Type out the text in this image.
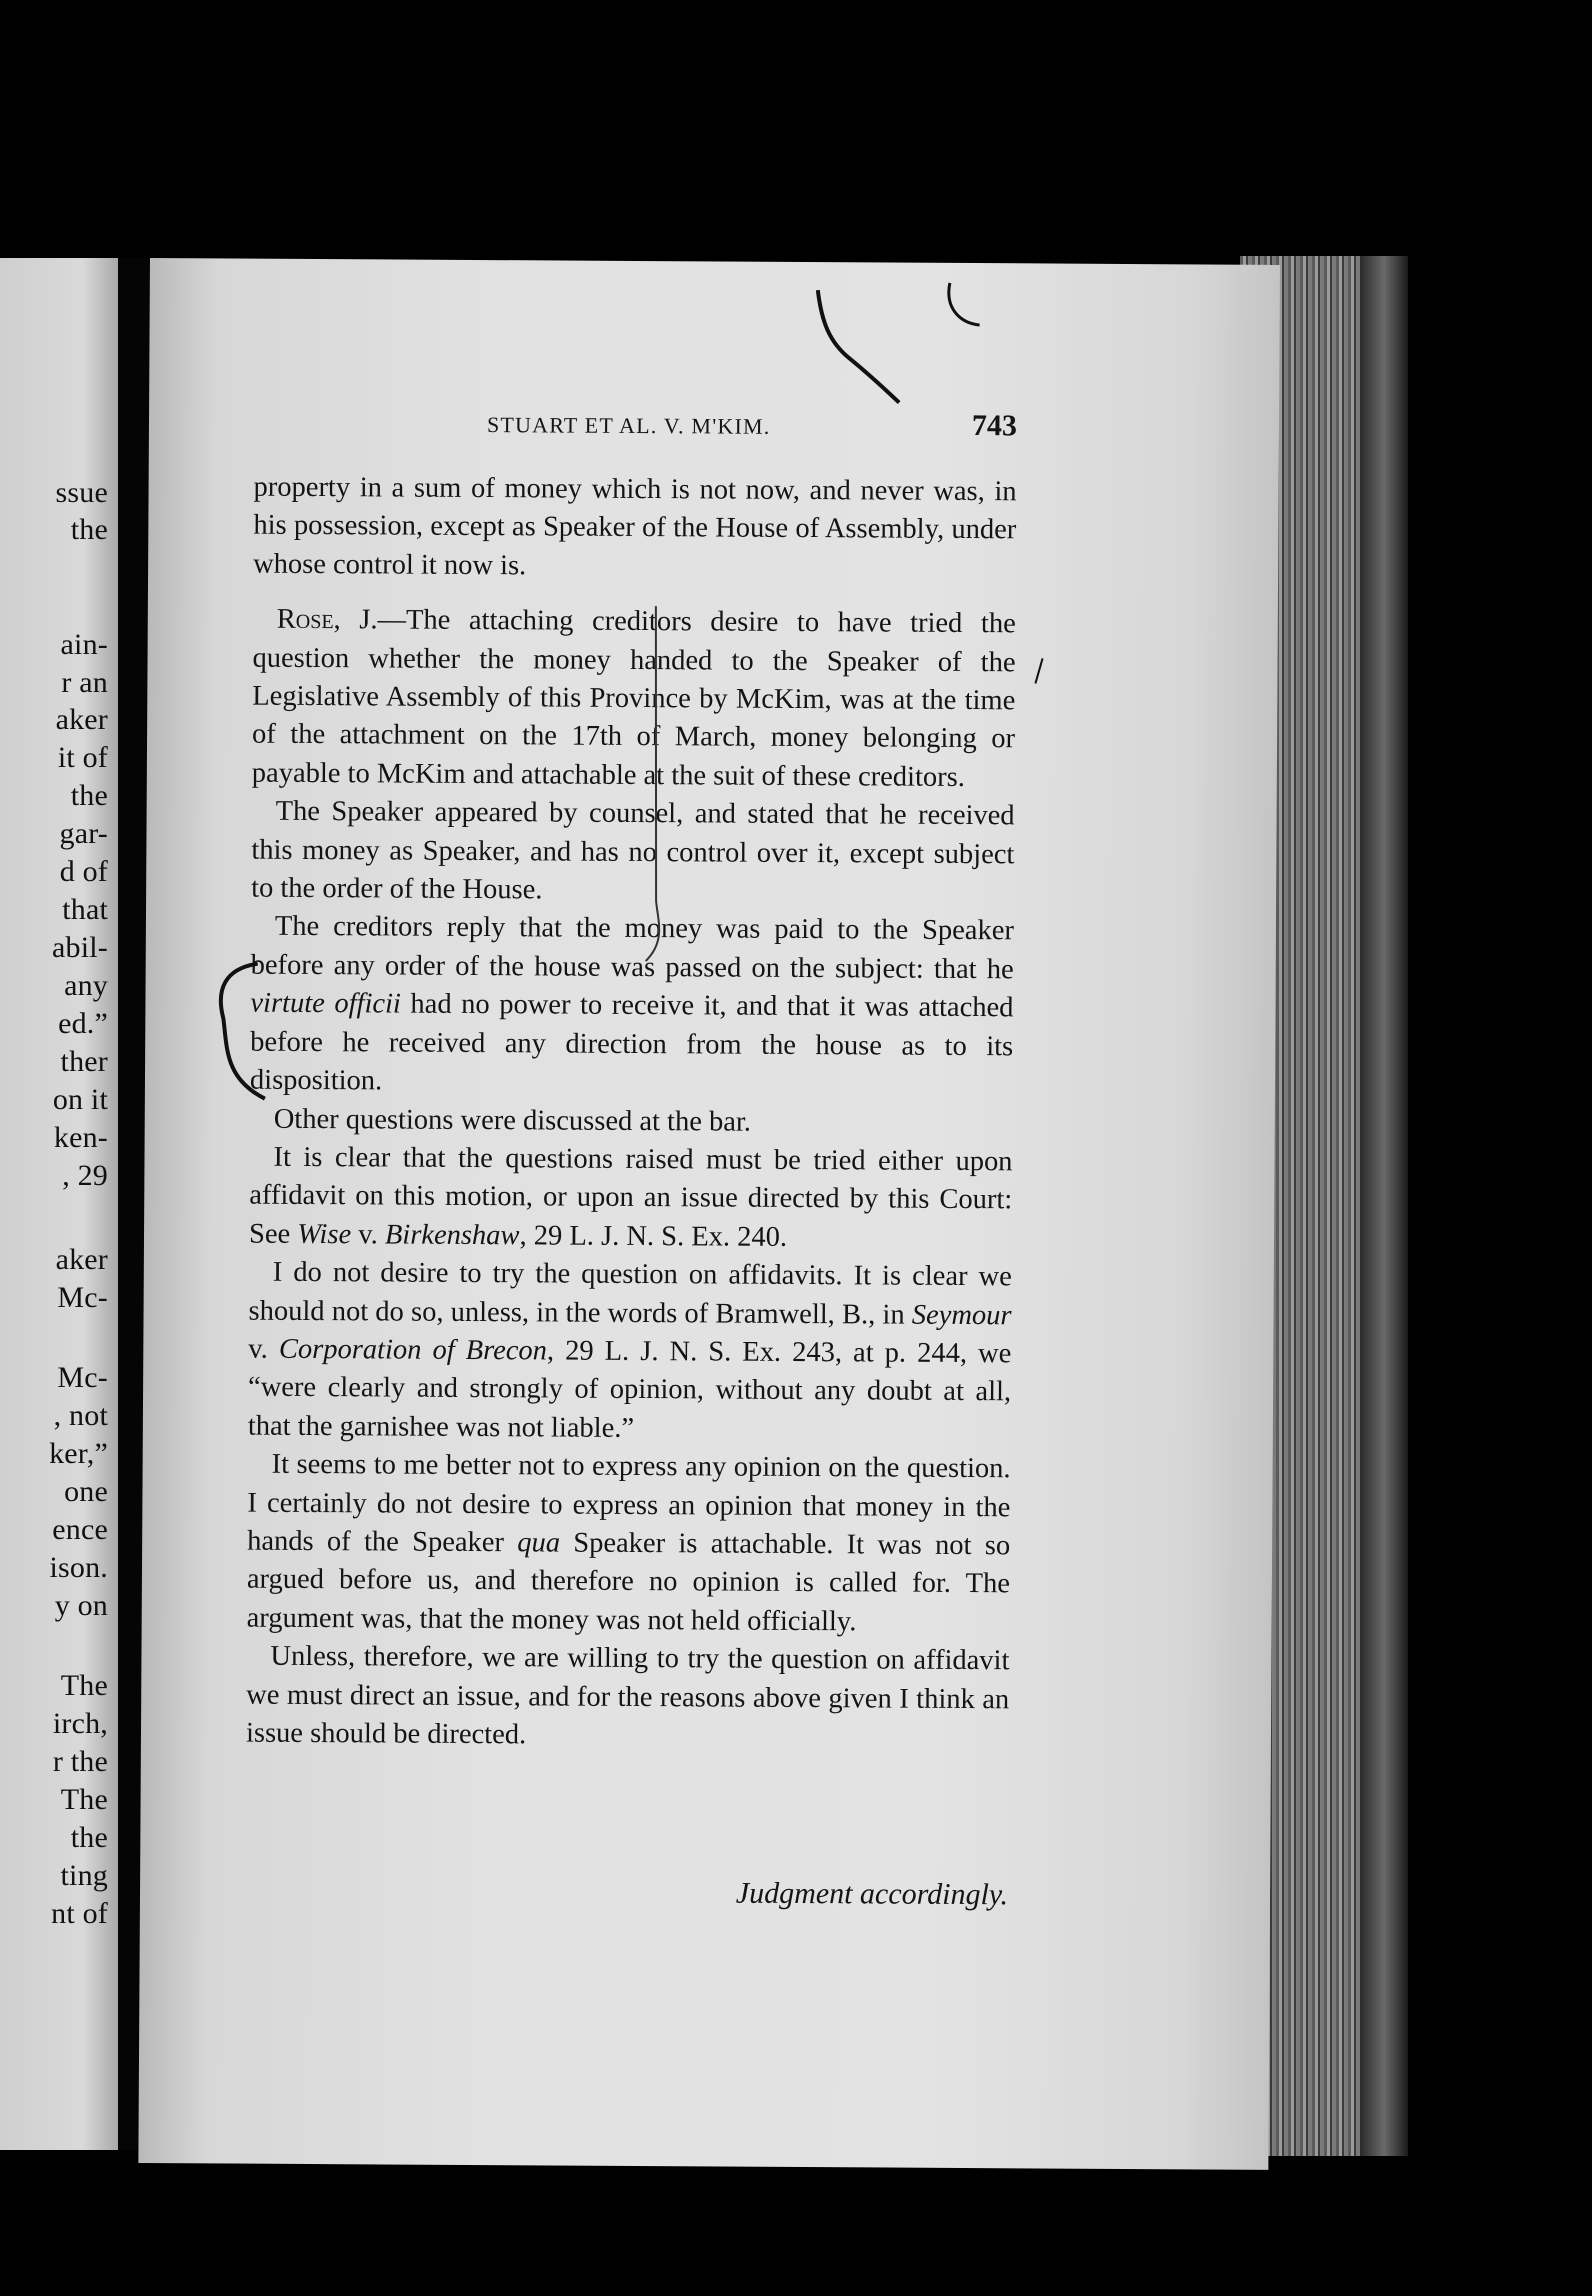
ssue
the
ain-
r an
aker
it of
the
gar-
d of
that
abil-
any
ed.”
ther
on it
ken-
, 29
aker
Mc-
Mc-
, not
ker,”
one
ence
ison.
y on
The
irch,
r the
The
the
ting
nt of
STUART ET AL. V. M'KIM.	743

property in a sum of money which is not now, and never was, in his possession, except as Speaker of the House of Assembly, under whose control it now is.

Rose, J.—The attaching creditors desire to have tried the question whether the money handed to the Speaker of the Legislative Assembly of this Province by McKim, was at the time of the attachment on the 17th of March, money belonging or payable to McKim and attachable at the suit of these creditors.

The Speaker appeared by counsel, and stated that he received this money as Speaker, and has no control over it, except subject to the order of the House.

The creditors reply that the money was paid to the Speaker before any order of the house was passed on the subject: that he virtute officii had no power to receive it, and that it was attached before he received any direction from the house as to its disposition.

Other questions were discussed at the bar.

It is clear that the questions raised must be tried either upon affidavit on this motion, or upon an issue directed by this Court: See Wise v. Birkenshaw, 29 L. J. N. S. Ex. 240.

I do not desire to try the question on affidavits. It is clear we should not do so, unless, in the words of Bramwell, B., in Seymour v. Corporation of Brecon, 29 L. J. N. S. Ex. 243, at p. 244, we “were clearly and strongly of opinion, without any doubt at all, that the garnishee was not liable.”

It seems to me better not to express any opinion on the question. I certainly do not desire to express an opinion that money in the hands of the Speaker qua Speaker is attachable. It was not so argued before us, and therefore no opinion is called for. The argument was, that the money was not held officially.

Unless, therefore, we are willing to try the question on affidavit we must direct an issue, and for the reasons above given I think an issue should be directed.

Judgment accordingly.
